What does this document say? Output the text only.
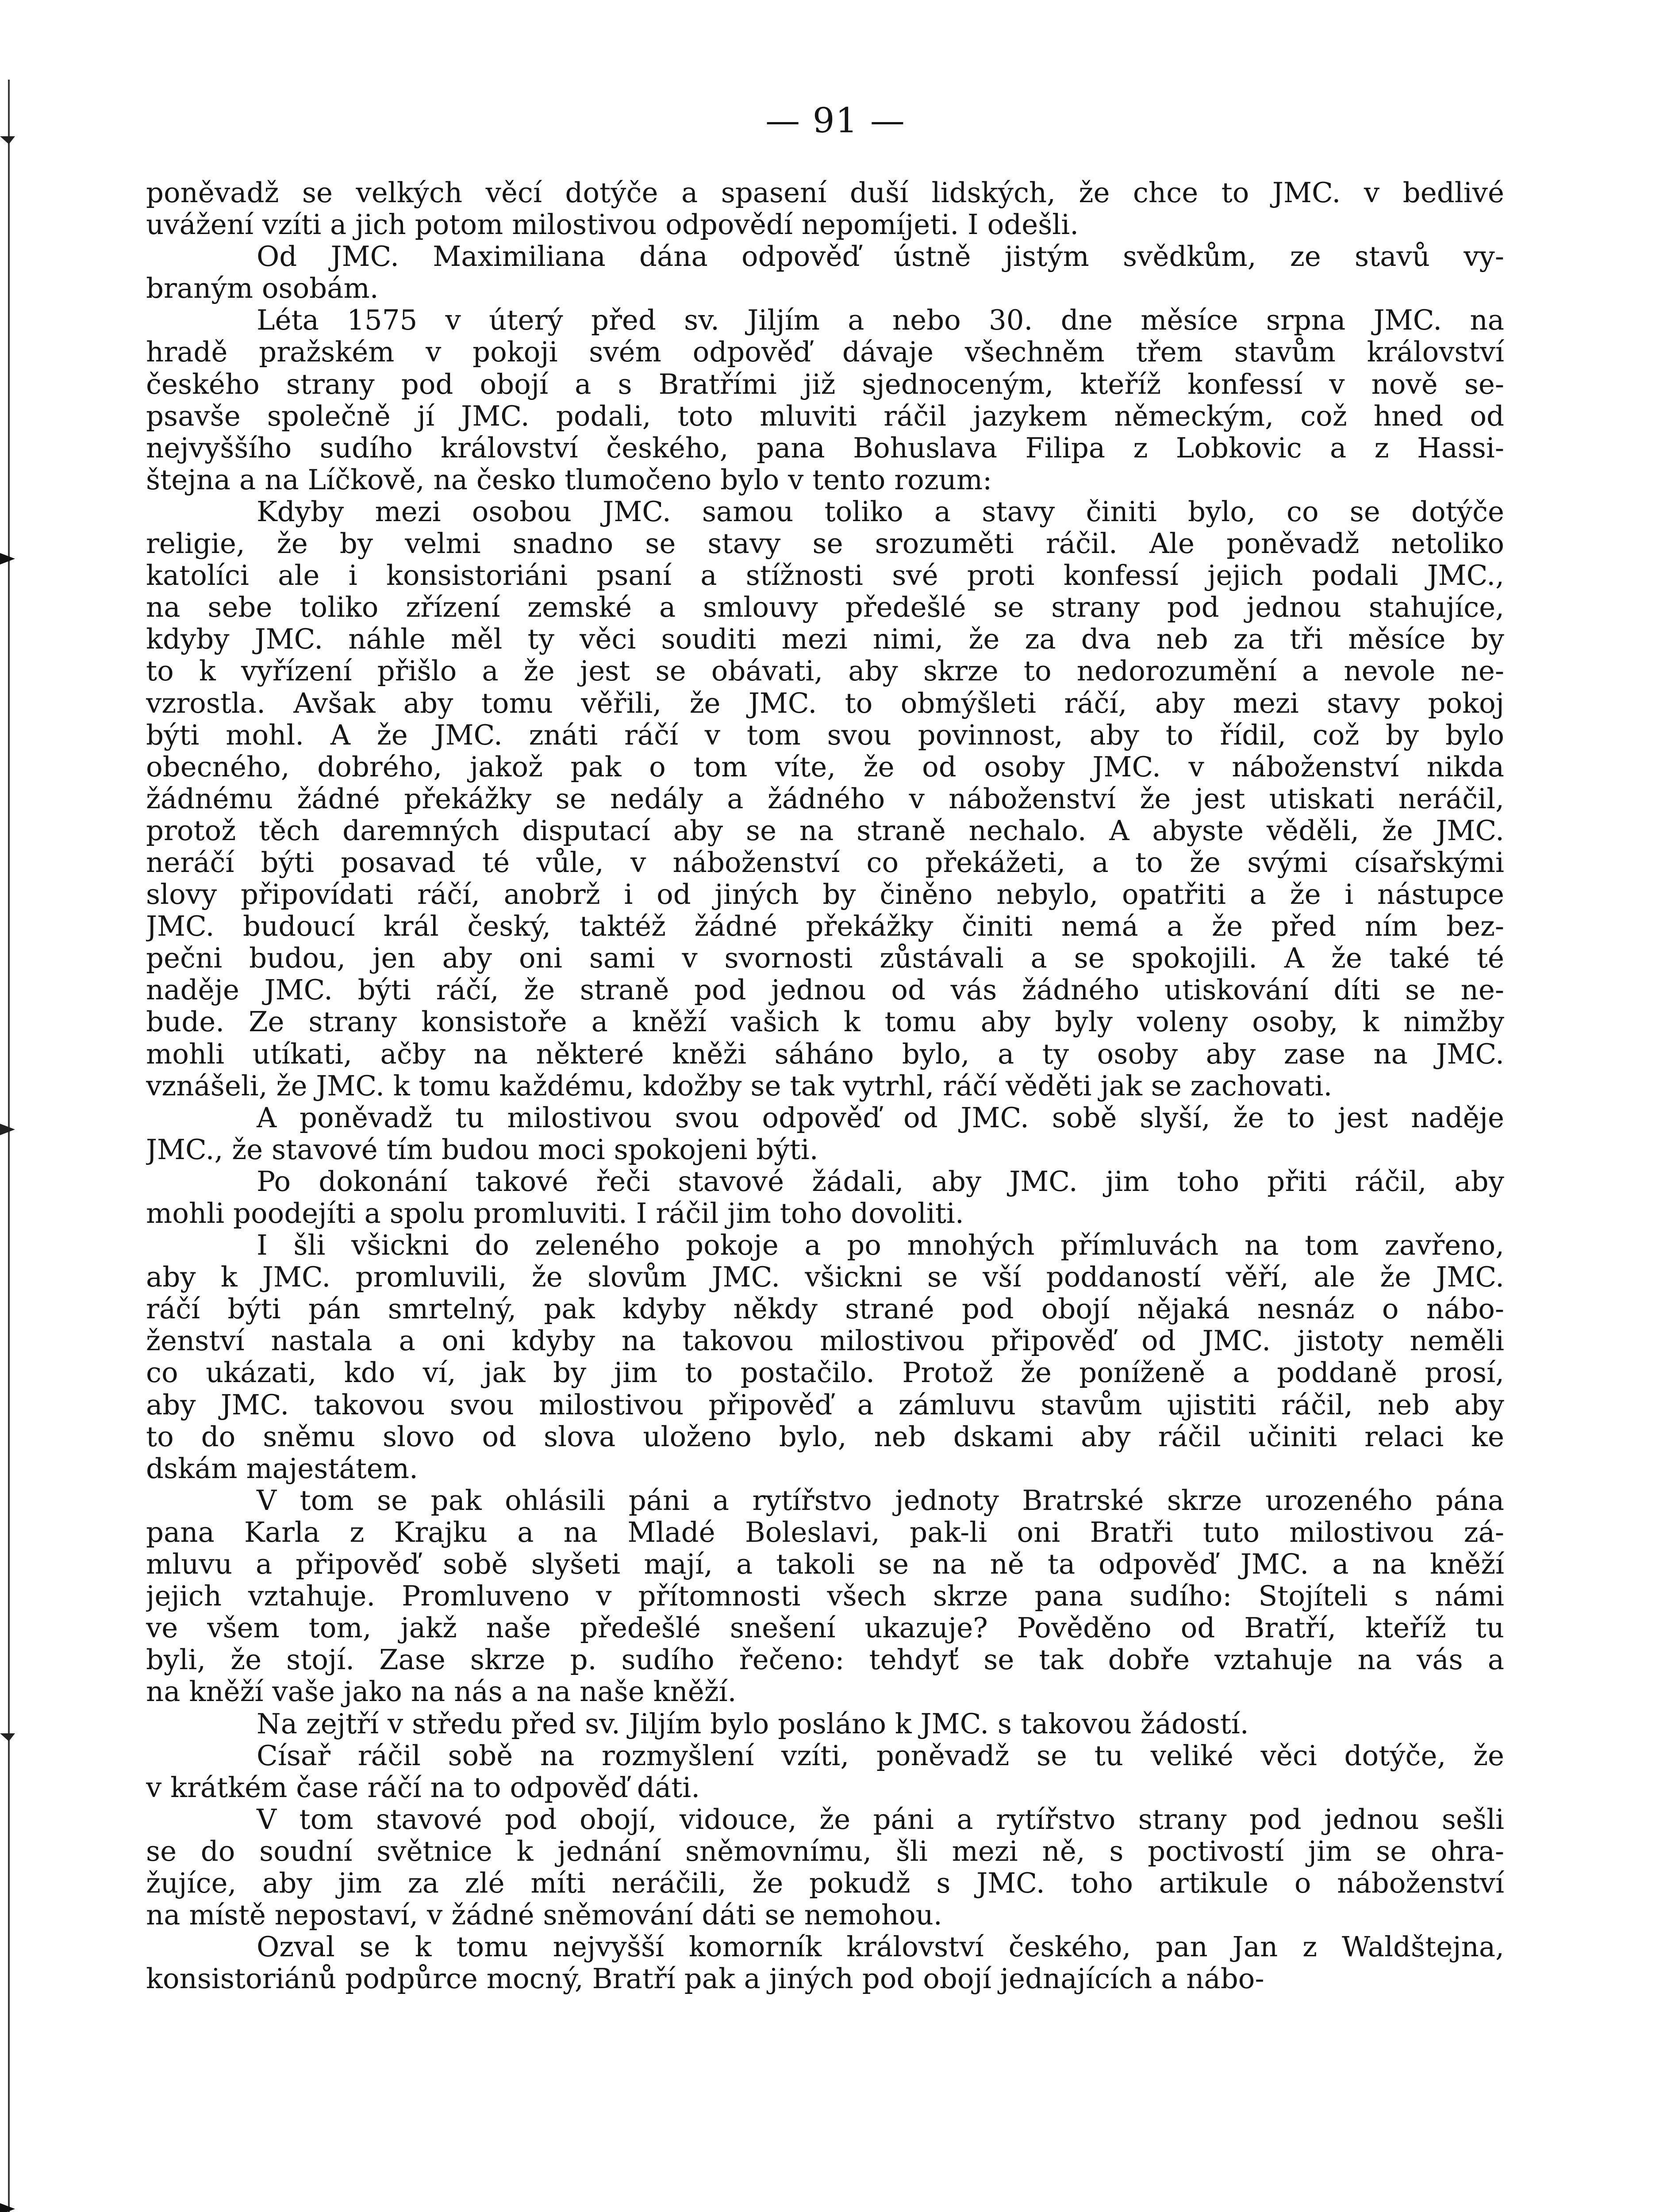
— 91 —

poněvadž se velkých věcí dotýče a spasení duší lidských, že chce to JMC. v bedlivé
uvážení vzíti a jich potom milostivou odpovědí nepomíjeti. I odešli.

Od JMC. Maximiliana dána odpověď ústně jistým svědkům, ze stavů vy-
braným osobám.

Léta 1575 v úterý před sv. Jiljím a nebo 30. dne měsíce srpna JMC. na
hradě pražském v pokoji svém odpověď dávaje všechněm třem stavům království
českého strany pod obojí a s Bratřími již sjednoceným, kteříž konfessí v nově se-
psavše společně jí JMC. podali, toto mluviti ráčil jazykem německým, což hned od
nejvyššího sudího království českého, pana Bohuslava Filipa z Lobkovic a z Hassi-
štejna a na Líčkově, na česko tlumočeno bylo v tento rozum:

Kdyby mezi osobou JMC. samou toliko a stavy činiti bylo, co se dotýče
religie, že by velmi snadno se stavy se srozuměti ráčil. Ale poněvadž netoliko
katolíci ale i konsistoriáni psaní a stížnosti své proti konfessí jejich podali JMC.,
na sebe toliko zřízení zemské a smlouvy předešlé se strany pod jednou stahujíce,
kdyby JMC. náhle měl ty věci souditi mezi nimi, že za dva neb za tři měsíce by
to k vyřízení přišlo a že jest se obávati, aby skrze to nedorozumění a nevole ne-
vzrostla. Avšak aby tomu věřili, že JMC. to obmýšleti ráčí, aby mezi stavy pokoj
býti mohl. A že JMC. znáti ráčí v tom svou povinnost, aby to řídil, což by bylo
obecného, dobrého, jakož pak o tom víte, že od osoby JMC. v náboženství nikda
žádnému žádné překážky se nedály a žádného v náboženství že jest utiskati neráčil,
protož těch daremných disputací aby se na straně nechalo. A abyste věděli, že JMC.
neráčí býti posavad té vůle, v náboženství co překážeti, a to že svými císařskými
slovy připovídati ráčí, anobrž i od jiných by činěno nebylo, opatřiti a že i nástupce
JMC. budoucí král český, taktéž žádné překážky činiti nemá a že před ním bez-
pečni budou, jen aby oni sami v svornosti zůstávali a se spokojili. A že také té
naděje JMC. býti ráčí, že straně pod jednou od vás žádného utiskování díti se ne-
bude. Ze strany konsistoře a kněží vašich k tomu aby byly voleny osoby, k nimžby
mohli utíkati, ačby na některé kněži sáháno bylo, a ty osoby aby zase na JMC.
vznášeli, že JMC. k tomu každému, kdožby se tak vytrhl, ráčí věděti jak se zachovati.

A poněvadž tu milostivou svou odpověď od JMC. sobě slyší, že to jest naděje
JMC., že stavové tím budou moci spokojeni býti.

Po dokonání takové řeči stavové žádali, aby JMC. jim toho přiti ráčil, aby
mohli poodejíti a spolu promluviti. I ráčil jim toho dovoliti.

I šli všickni do zeleného pokoje a po mnohých přímluvách na tom zavřeno,
aby k JMC. promluvili, že slovům JMC. všickni se vší poddaností věří, ale že JMC.
ráčí býti pán smrtelný, pak kdyby někdy strané pod obojí nějaká nesnáz o nábo-
ženství nastala a oni kdyby na takovou milostivou připověď od JMC. jistoty neměli
co ukázati, kdo ví, jak by jim to postačilo. Protož že poníženě a poddaně prosí,
aby JMC. takovou svou milostivou připověď a zámluvu stavům ujistiti ráčil, neb aby
to do sněmu slovo od slova uloženo bylo, neb dskami aby ráčil učiniti relaci ke
dskám majestátem.

V tom se pak ohlásili páni a rytířstvo jednoty Bratrské skrze urozeného pána
pana Karla z Krajku a na Mladé Boleslavi, pak-li oni Bratři tuto milostivou zá-
mluvu a připověď sobě slyšeti mají, a takoli se na ně ta odpověď JMC. a na kněží
jejich vztahuje. Promluveno v přítomnosti všech skrze pana sudího: Stojíteli s námi
ve všem tom, jakž naše předešlé snešení ukazuje? Pověděno od Bratří, kteříž tu
byli, že stojí. Zase skrze p. sudího řečeno: tehdyť se tak dobře vztahuje na vás a
na kněží vaše jako na nás a na naše kněží.

Na zejtří v středu před sv. Jiljím bylo posláno k JMC. s takovou žádostí.

Císař ráčil sobě na rozmyšlení vzíti, poněvadž se tu veliké věci dotýče, že
v krátkém čase ráčí na to odpověď dáti.

V tom stavové pod obojí, vidouce, že páni a rytířstvo strany pod jednou sešli
se do soudní světnice k jednání sněmovnímu, šli mezi ně, s poctivostí jim se ohra-
žujíce, aby jim za zlé míti neráčili, že pokudž s JMC. toho artikule o náboženství
na místě nepostaví, v žádné sněmování dáti se nemohou.

Ozval se k tomu nejvyšší komorník království českého, pan Jan z Waldštejna,
konsistoriánů podpůrce mocný, Bratří pak a jiných pod obojí jednajících a nábo-
